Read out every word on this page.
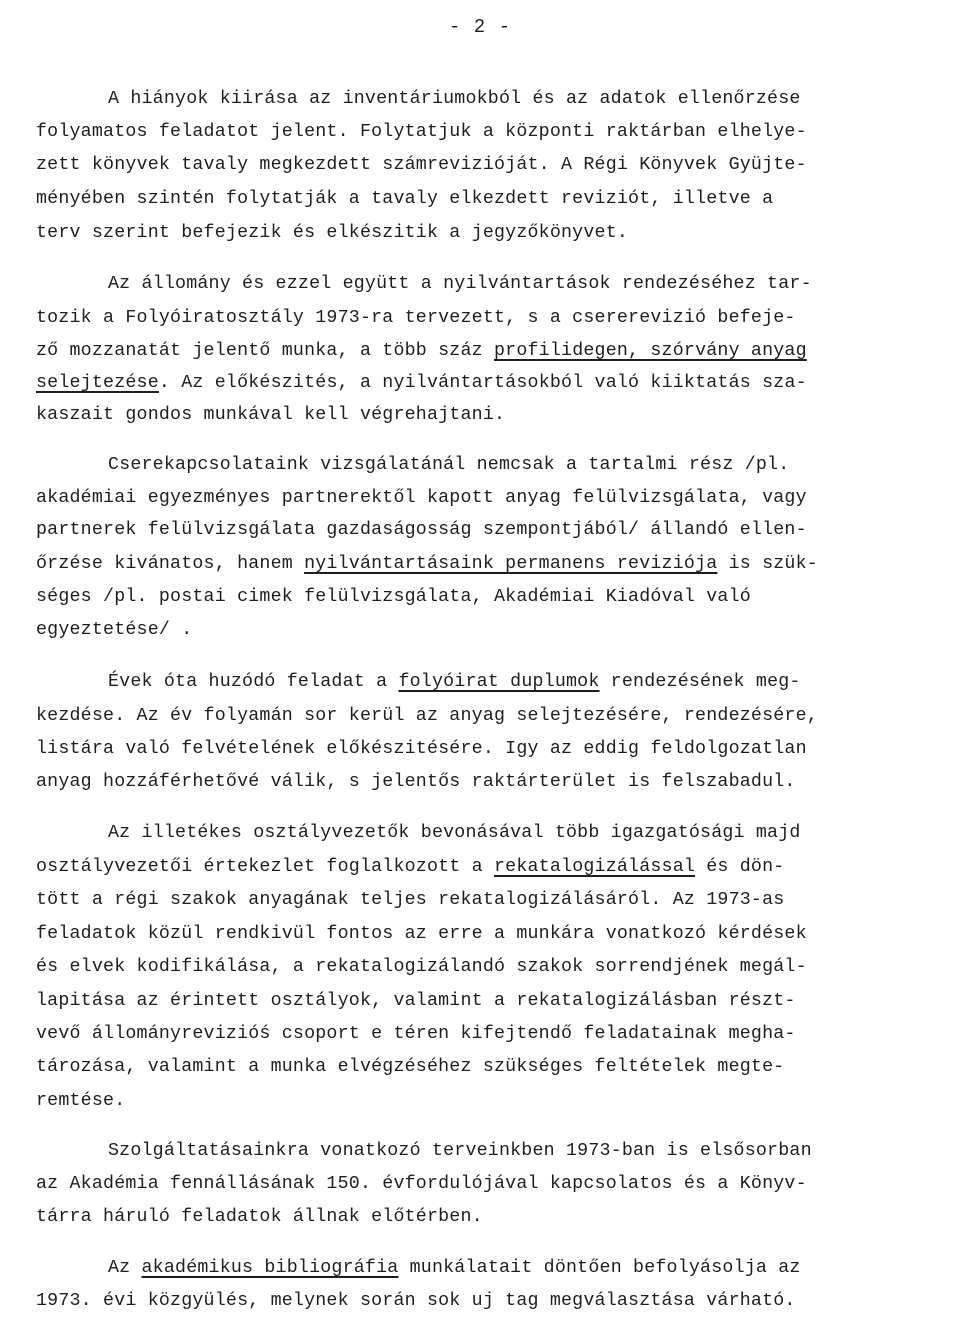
- 2 -
A hiányok kiirása az inventáriumokból és az adatok ellenőrzése
folyamatos feladatot jelent. Folytatjuk a központi raktárban elhelye-
zett könyvek tavaly megkezdett számrevizióját. A Régi Könyvek Gyüjte-
ményében szintén folytatják a tavaly elkezdett reviziót, illetve a
terv szerint befejezik és elkészitik a jegyzőkönyvet.
Az állomány és ezzel együtt a nyilvántartások rendezéséhez tar-
tozik a Folyóiratosztály 1973-ra tervezett, s a csererevizió befeje-
ző mozzanatát jelentő munka, a több száz profilidegen, szórvány anyag
selejtezése. Az előkészités, a nyilvántartásokból való kiiktatás sza-
kaszait gondos munkával kell végrehajtani.
Cserekapcsolataink vizsgálatánál nemcsak a tartalmi rész /pl.
akadémiai egyezményes partnerektől kapott anyag felülvizsgálata, vagy
partnerek felülvizsgálata gazdaságosság szempontjából/ állandó ellen-
őrzése kivánatos, hanem nyilvántartásaink permanens reviziója is szük-
séges /pl. postai cimek felülvizsgálata, Akadémiai Kiadóval való
egyeztetése/ .
Évek óta huzódó feladat a folyóirat duplumok rendezésének meg-
kezdése. Az év folyamán sor kerül az anyag selejtezésére, rendezésére,
listára való felvételének előkészitésére. Igy az eddig feldolgozatlan
anyag hozzáférhetővé válik, s jelentős raktárterület is felszabadul.
Az illetékes osztályvezetők bevonásával több igazgatósági majd
osztályvezetői értekezlet foglalkozott a rekatalogizálással és dön-
tött a régi szakok anyagának teljes rekatalogizálásáról. Az 1973-as
feladatok közül rendkivül fontos az erre a munkára vonatkozó kérdések
és elvek kodifikálása, a rekatalogizálandó szakok sorrendjének megál-
lapitása az érintett osztályok, valamint a rekatalogizálásban részt-
vevő állományrevizióś csoport e téren kifejtendő feladatainak megha-
tározása, valamint a munka elvégzéséhez szükséges feltételek megte-
remtése.
Szolgáltatásainkra vonatkozó terveinkben 1973-ban is elsősorban
az Akadémia fennállásának 150. évfordulójával kapcsolatos és a Könyv-
tárra háruló feladatok állnak előtérben.
Az akadémikus bibliográfia munkálatait döntően befolyásolja az
1973. évi közgyülés, melynek során sok uj tag megválasztása várható.
